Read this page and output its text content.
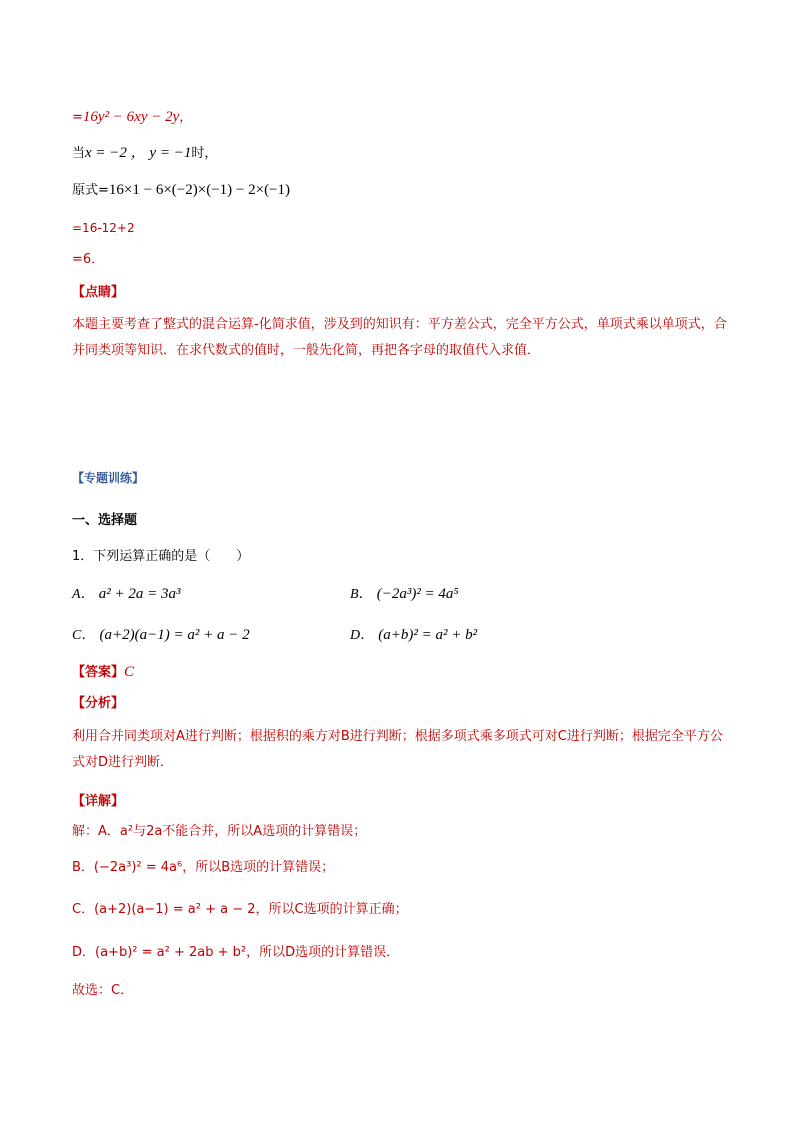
=16y² − 6xy − 2y，
当x = −2 ， y = −1时，
原式=16×1 − 6×(−2)×(−1) − 2×(−1)
=16-12+2
=6．
【点睛】
本题主要考查了整式的混合运算-化简求值，涉及到的知识有：平方差公式，完全平方公式，单项式乘以单项式，合并同类项等知识．在求代数式的值时，一般先化简，再把各字母的取值代入求值．
【专题训练】
一、选择题
1．下列运算正确的是（　　）
A． a² + 2a = 3a³	B． (−2a³)² = 4a⁵
C． (a+2)(a−1) = a² + a − 2	D． (a+b)² = a² + b²
【答案】C
【分析】
利用合并同类项对A进行判断；根据积的乘方对B进行判断；根据多项式乘多项式可对C进行判断；根据完全平方公式对D进行判断．
【详解】
解：A．a²与2a不能合并，所以A选项的计算错误；
B．(−2a³)² = 4a⁶，所以B选项的计算错误；
C．(a+2)(a−1) = a² + a − 2，所以C选项的计算正确；
D．(a+b)² = a² + 2ab + b²，所以D选项的计算错误．
故选：C．
